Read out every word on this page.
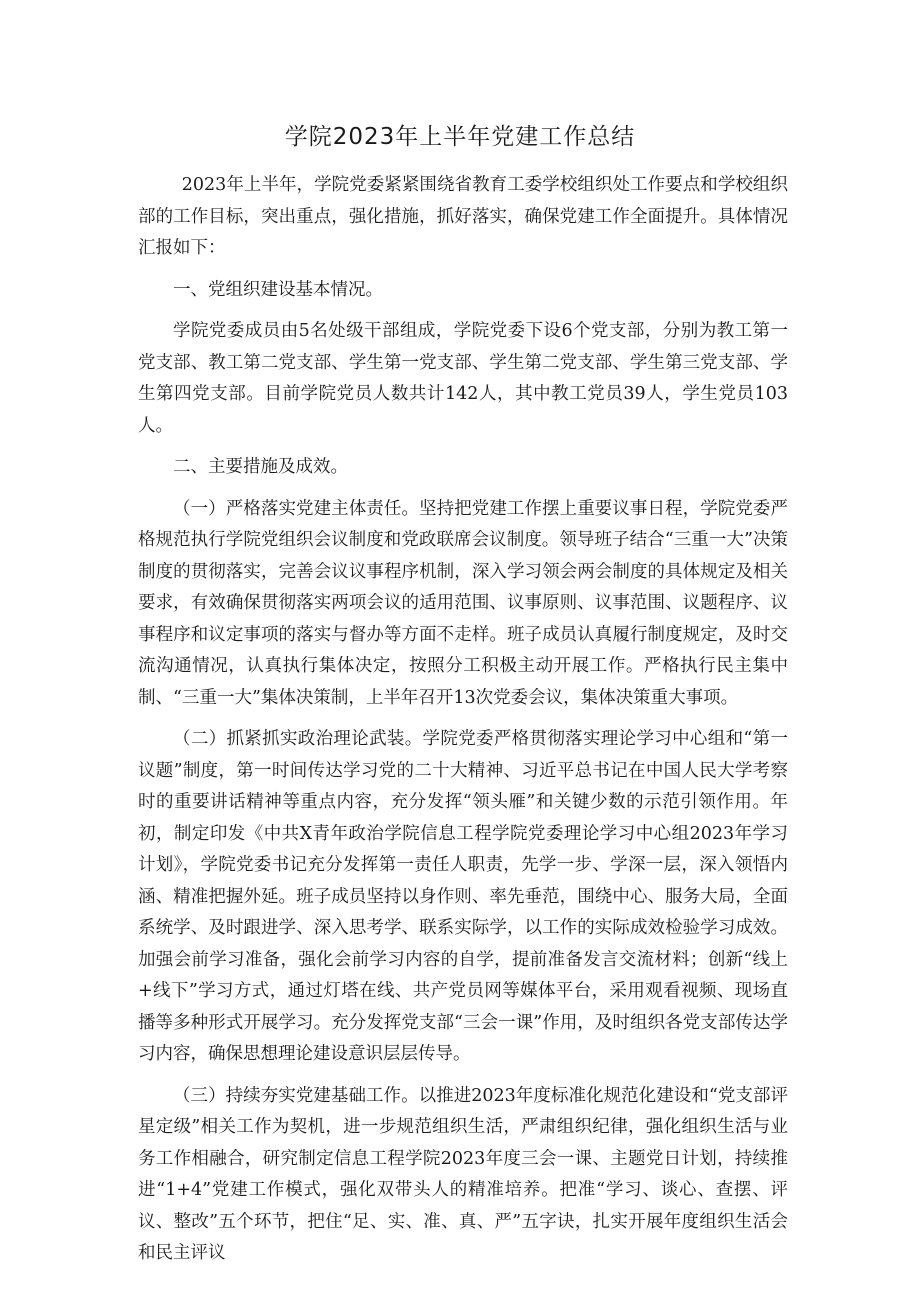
学院2023年上半年党建工作总结

2023年上半年，学院党委紧紧围绕省教育工委学校组织处工作要点和学校组织部的工作目标，突出重点，强化措施，抓好落实，确保党建工作全面提升。具体情况汇报如下：

一、党组织建设基本情况。

学院党委成员由5名处级干部组成，学院党委下设6个党支部，分别为教工第一党支部、教工第二党支部、学生第一党支部、学生第二党支部、学生第三党支部、学生第四党支部。目前学院党员人数共计142人，其中教工党员39人，学生党员103人。

二、主要措施及成效。

（一）严格落实党建主体责任。坚持把党建工作摆上重要议事日程，学院党委严格规范执行学院党组织会议制度和党政联席会议制度。领导班子结合“三重一大”决策制度的贯彻落实，完善会议议事程序机制，深入学习领会两会制度的具体规定及相关要求，有效确保贯彻落实两项会议的适用范围、议事原则、议事范围、议题程序、议事程序和议定事项的落实与督办等方面不走样。班子成员认真履行制度规定，及时交流沟通情况，认真执行集体决定，按照分工积极主动开展工作。严格执行民主集中制、“三重一大”集体决策制，上半年召开13次党委会议，集体决策重大事项。

（二）抓紧抓实政治理论武装。学院党委严格贯彻落实理论学习中心组和“第一议题”制度，第一时间传达学习党的二十大精神、习近平总书记在中国人民大学考察时的重要讲话精神等重点内容，充分发挥“领头雁”和关键少数的示范引领作用。年初，制定印发《中共X青年政治学院信息工程学院党委理论学习中心组2023年学习计划》，学院党委书记充分发挥第一责任人职责，先学一步、学深一层，深入领悟内涵、精准把握外延。班子成员坚持以身作则、率先垂范，围绕中心、服务大局，全面系统学、及时跟进学、深入思考学、联系实际学，以工作的实际成效检验学习成效。加强会前学习准备，强化会前学习内容的自学，提前准备发言交流材料；创新“线上+线下”学习方式，通过灯塔在线、共产党员网等媒体平台，采用观看视频、现场直播等多种形式开展学习。充分发挥党支部“三会一课”作用，及时组织各党支部传达学习内容，确保思想理论建设意识层层传导。

（三）持续夯实党建基础工作。以推进2023年度标准化规范化建设和“党支部评星定级”相关工作为契机，进一步规范组织生活，严肃组织纪律，强化组织生活与业务工作相融合，研究制定信息工程学院2023年度三会一课、主题党日计划，持续推进“1+4”党建工作模式，强化双带头人的精准培养。把准“学习、谈心、查摆、评议、整改”五个环节，把住“足、实、准、真、严”五字诀，扎实开展年度组织生活会和民主评议
